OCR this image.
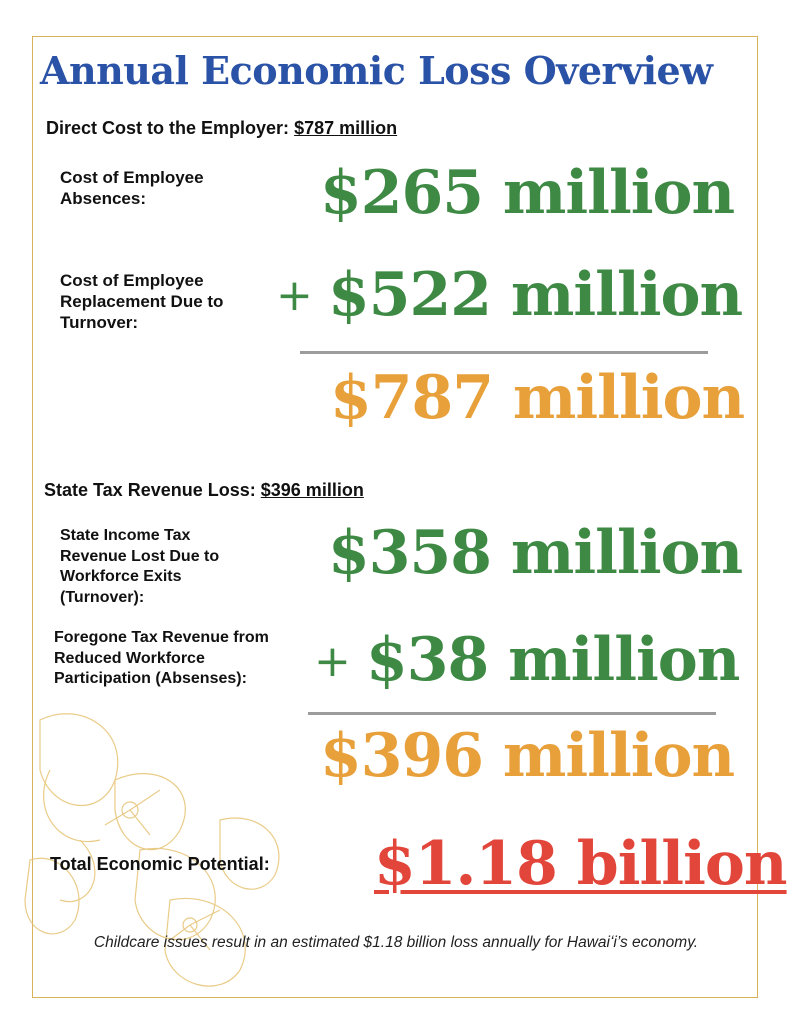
Annual Economic Loss Overview
Direct Cost to the Employer: $787 million
Cost of Employee Absences:	$265 million
Cost of Employee Replacement Due to Turnover:
+ $522 million
$787 million
State Tax Revenue Loss: $396 million
State Income Tax Revenue Lost Due to Workforce Exits (Turnover):
$358 million
Foregone Tax Revenue from Reduced Workforce Participation (Absenses):	+ $38 million
$396 million
Total Economic Potential: $1.18 billion
Childcare issues result in an estimated $1.18 billion loss annually for Hawaiʻi’s economy.
